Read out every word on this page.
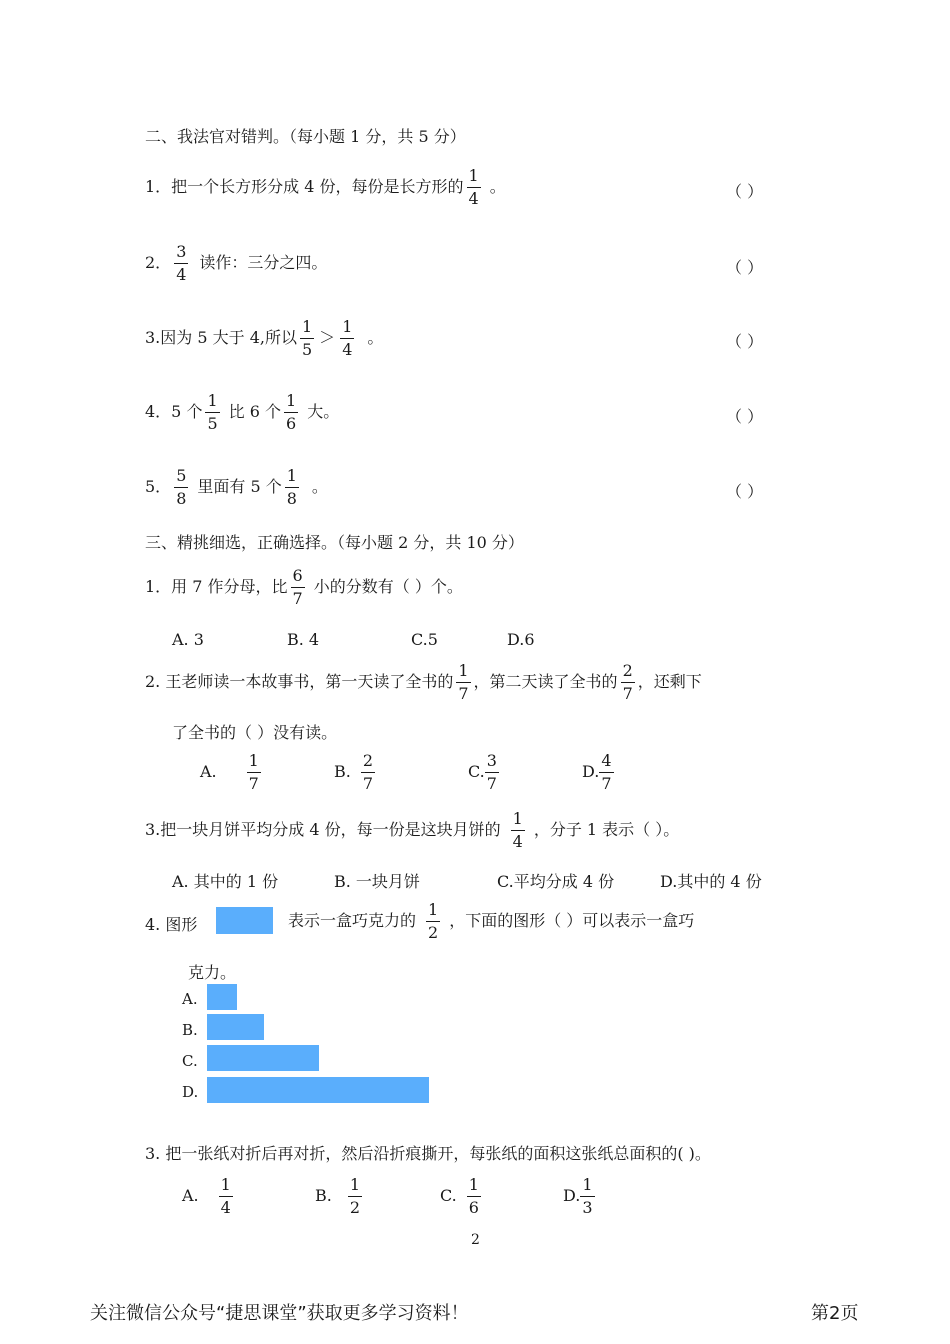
二、我法官对错判。（每小题 1 分，共 5 分）
1．把一个长方形分成 4 份，每份是长方形的 $\frac{1}{4}$ 。	（ ）
2． $\frac{3}{4}$ 读作：三分之四。	（ ）
3.因为 5 大于 4,所以 $\frac{1}{5} > \frac{1}{4}$ 。	（ ）
4．5 个 $\frac{1}{5}$ 比 6 个 $\frac{1}{6}$ 大。	（ ）
5． $\frac{5}{8}$ 里面有 5 个 $\frac{1}{8}$ 。	（ ）
三、精挑细选，正确选择。（每小题 2 分，共 10 分）
1．用 7 作分母，比 $\frac{6}{7}$ 小的分数有（ ）个。
A. 3	B. 4	C.5	D.6
2. 王老师读一本故事书，第一天读了全书的 $\frac{1}{7}$ ，第二天读了全书的 $\frac{2}{7}$ ，还剩下
了全书的（ ）没有读。
A. $\frac{1}{7}$	B. $\frac{2}{7}$	C. $\frac{3}{7}$	D. $\frac{4}{7}$
3.把一块月饼平均分成 4 份，每一份是这块月饼的 $\frac{1}{4}$ ，分子 1 表示（ ）。
A. 其中的 1 份	B. 一块月饼	C.平均分成 4 份	D.其中的 4 份
4. 图形	表示一盒巧克力的 $\frac{1}{2}$ ，下面的图形（ ）可以表示一盒巧
克力。
A.
B.
C.
D.
3. 把一张纸对折后再对折，然后沿折痕撕开，每张纸的面积这张纸总面积的( )。
A. $\frac{1}{4}$	B. $\frac{1}{2}$	C. $\frac{1}{6}$	D. $\frac{1}{3}$
2
关注微信公众号“捷思课堂”获取更多学习资料！	第2页
